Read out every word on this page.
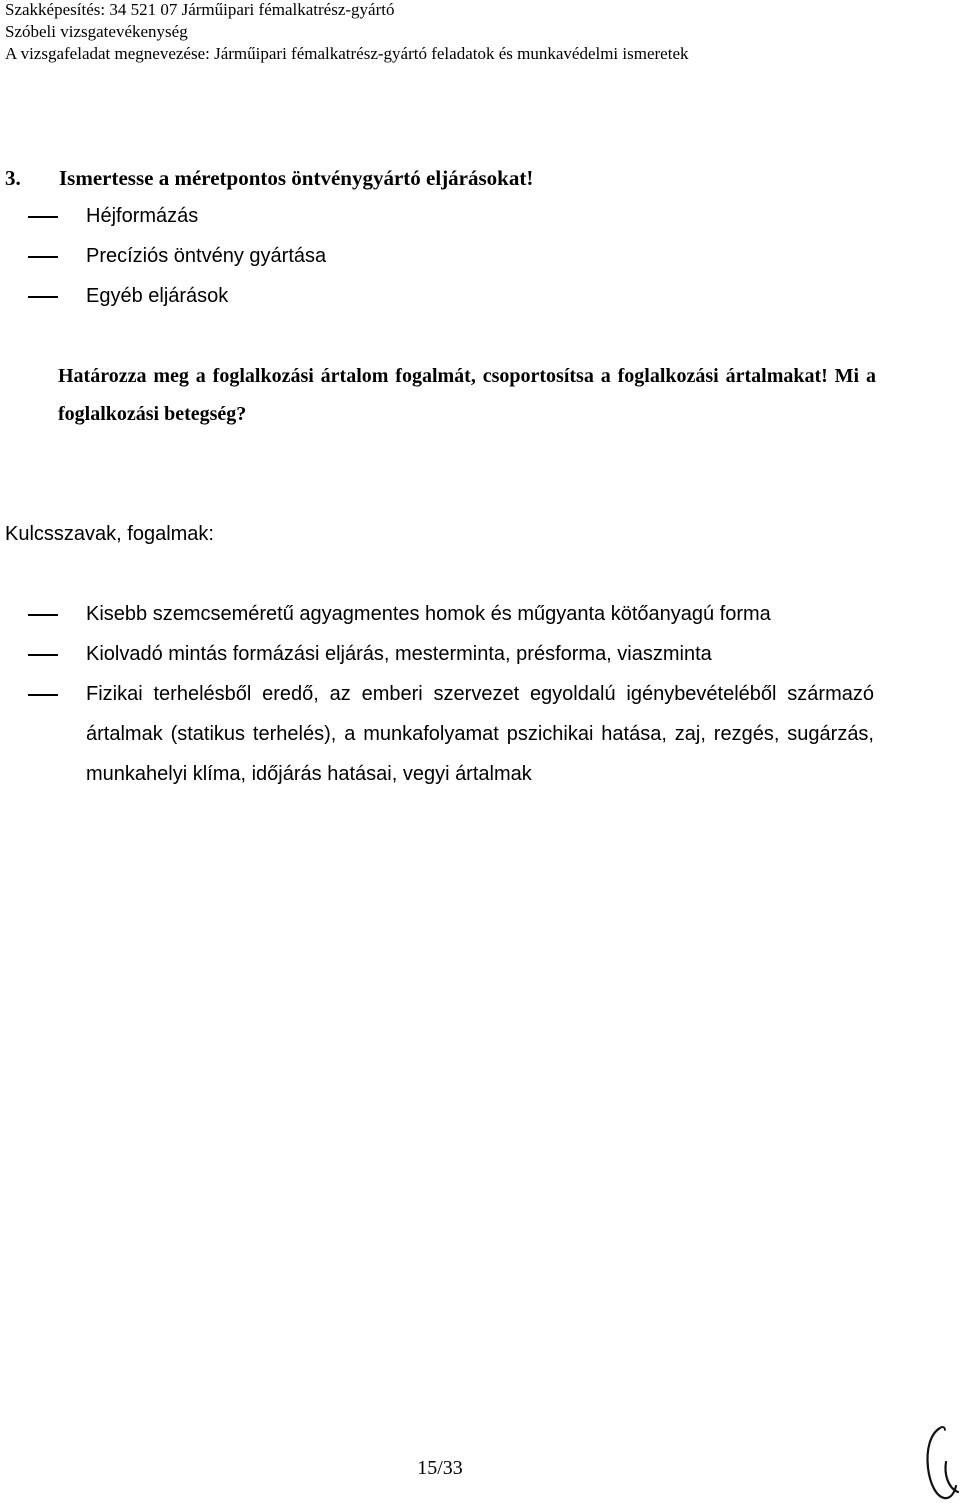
Szakképesítés: 34 521 07 Járműipari fémalkatrész-gyártó
Szóbeli vizsgatevékenység
A vizsgafeladat megnevezése: Járműipari fémalkatrész-gyártó feladatok és munkavédelmi ismeretek
3. Ismertesse a méretpontos öntvénygyártó eljárásokat!
Héjformázás
Precíziós öntvény gyártása
Egyéb eljárások
Határozza meg a foglalkozási ártalom fogalmát, csoportosítsa a foglalkozási ártalmakat! Mi a foglalkozási betegség?
Kulcsszavak, fogalmak:
Kisebb szemcseméretű agyagmentes homok és műgyanta kötőanyagú forma
Kiolvadó mintás formázási eljárás, mesterminta, présforma, viaszminta
Fizikai terhelésből eredő, az emberi szervezet egyoldalú igénybevételéből származó ártalmak (statikus terhelés), a munkafolyamat pszichikai hatása, zaj, rezgés, sugárzás, munkahelyi klíma, időjárás hatásai, vegyi ártalmak
15/33
